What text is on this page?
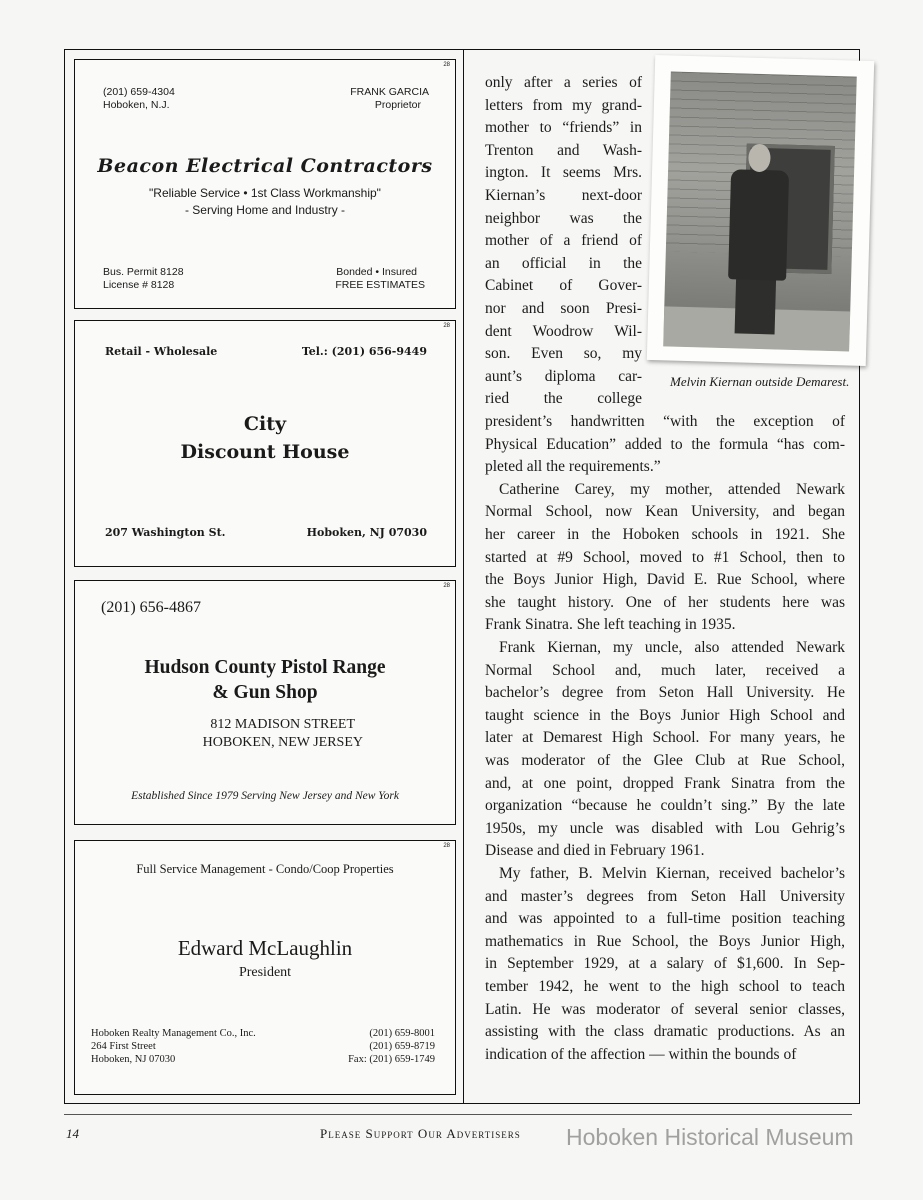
28
(201) 659-4304
Hoboken, N.J.
FRANK GARCIA
Proprietor
Beacon Electrical Contractors
"Reliable Service • 1st Class Workmanship"
- Serving Home and Industry -
Bus. Permit 8128
License # 8128
Bonded • Insured
FREE ESTIMATES
28
Retail - Wholesale	Tel.: (201) 656-9449
City
Discount House
207 Washington St.	Hoboken, NJ 07030
28
(201) 656-4867
Hudson County Pistol Range
& Gun Shop
812 MADISON STREET
HOBOKEN, NEW JERSEY
Established Since 1979 Serving New Jersey and New York
28
Full Service Management - Condo/Coop Properties
Edward McLaughlin
President
Hoboken Realty Management Co., Inc.
264 First Street
Hoboken, NJ 07030
(201) 659-8001
(201) 659-8719
Fax: (201) 659-1749
Melvin Kiernan outside Demarest.
only after a series of
letters from my grand-
mother to “friends” in
Trenton and Wash-
ington. It seems Mrs.
Kiernan’s next-door
neighbor was the
mother of a friend of
an official in the
Cabinet of Gover-
nor and soon Presi-
dent Woodrow Wil-
son. Even so, my
aunt’s diploma car-
ried the college
president’s handwritten “with the exception of
Physical Education” added to the formula “has com-
pleted all the requirements.”
Catherine Carey, my mother, attended Newark
Normal School, now Kean University, and began
her career in the Hoboken schools in 1921. She
started at #9 School, moved to #1 School, then to
the Boys Junior High, David E. Rue School, where
she taught history. One of her students here was
Frank Sinatra. She left teaching in 1935.
Frank Kiernan, my uncle, also attended Newark
Normal School and, much later, received a
bachelor’s degree from Seton Hall University. He
taught science in the Boys Junior High School and
later at Demarest High School. For many years, he
was moderator of the Glee Club at Rue School,
and, at one point, dropped Frank Sinatra from the
organization “because he couldn’t sing.” By the late
1950s, my uncle was disabled with Lou Gehrig’s
Disease and died in February 1961.
My father, B. Melvin Kiernan, received bachelor’s
and master’s degrees from Seton Hall University
and was appointed to a full-time position teaching
mathematics in Rue School, the Boys Junior High,
in September 1929, at a salary of $1,600. In Sep-
tember 1942, he went to the high school to teach
Latin. He was moderator of several senior classes,
assisting with the class dramatic productions. As an
indication of the affection — within the bounds of
14	Please Support Our Advertisers Hoboken Historical Museum
